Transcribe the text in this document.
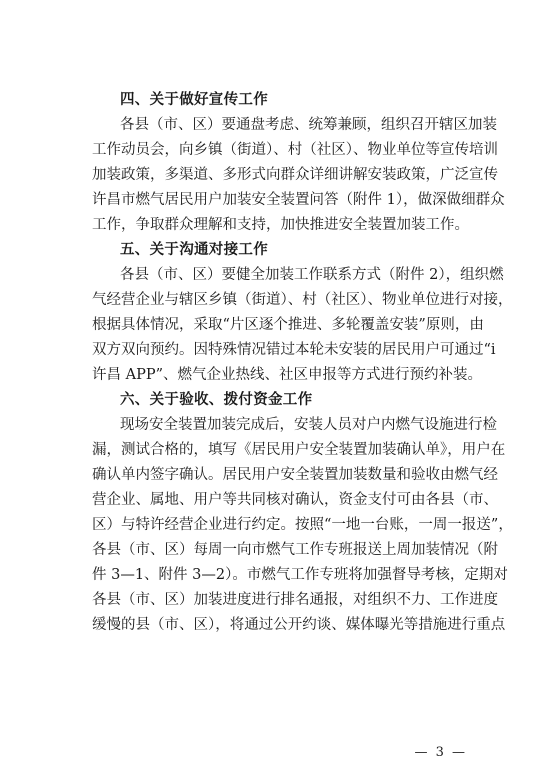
四、关于做好宣传工作
各县（市、区）要通盘考虑、统筹兼顾，组织召开辖区加装
工作动员会，向乡镇（街道）、村（社区）、物业单位等宣传培训
加装政策，多渠道、多形式向群众详细讲解安装政策，广泛宣传
许昌市燃气居民用户加装安全装置问答（附件 1），做深做细群众
工作，争取群众理解和支持，加快推进安全装置加装工作。
五、关于沟通对接工作
各县（市、区）要健全加装工作联系方式（附件 2），组织燃
气经营企业与辖区乡镇（街道）、村（社区）、物业单位进行对接，
根据具体情况，采取“片区逐个推进、多轮覆盖安装”原则，由
双方双向预约。因特殊情况错过本轮未安装的居民用户可通过“i
许昌 APP”、燃气企业热线、社区申报等方式进行预约补装。
六、关于验收、拨付资金工作
现场安全装置加装完成后，安装人员对户内燃气设施进行检
漏，测试合格的，填写《居民用户安全装置加装确认单》，用户在
确认单内签字确认。居民用户安全装置加装数量和验收由燃气经
营企业、属地、用户等共同核对确认，资金支付可由各县（市、
区）与特许经营企业进行约定。按照“一地一台账，一周一报送”，
各县（市、区）每周一向市燃气工作专班报送上周加装情况（附
件 3—1、附件 3—2）。市燃气工作专班将加强督导考核，定期对
各县（市、区）加装进度进行排名通报，对组织不力、工作进度
缓慢的县（市、区），将通过公开约谈、媒体曝光等措施进行重点
— 3 —
